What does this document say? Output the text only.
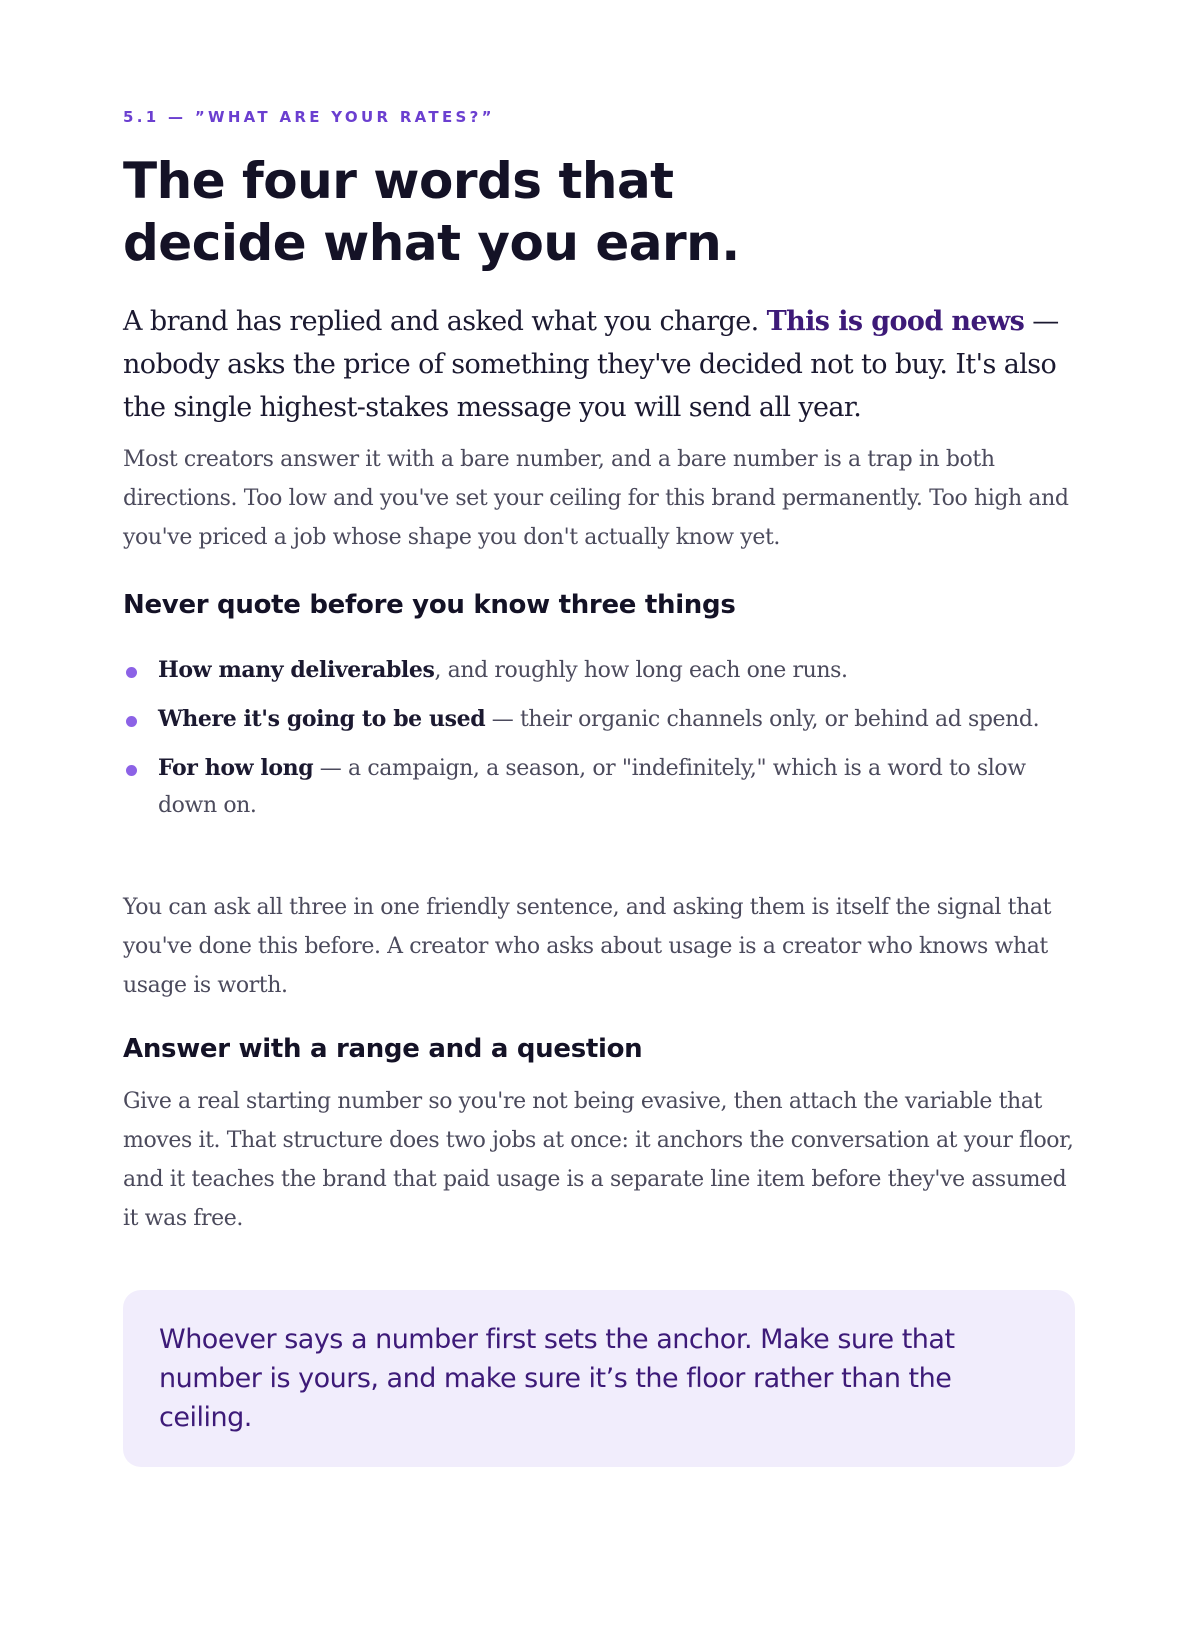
5.1 — ”WHAT ARE YOUR RATES?”

The four words that
decide what you earn.

A brand has replied and asked what you charge. This is good news — nobody asks the price of something they've decided not to buy. It's also the single highest-stakes message you will send all year.

Most creators answer it with a bare number, and a bare number is a trap in both directions. Too low and you've set your ceiling for this brand permanently. Too high and you've priced a job whose shape you don't actually know yet.

Never quote before you know three things
How many deliverables, and roughly how long each one runs.
Where it's going to be used — their organic channels only, or behind ad spend.
For how long — a campaign, a season, or "indefinitely," which is a word to slow down on.

You can ask all three in one friendly sentence, and asking them is itself the signal that you've done this before. A creator who asks about usage is a creator who knows what usage is worth.

Answer with a range and a question

Give a real starting number so you're not being evasive, then attach the variable that moves it. That structure does two jobs at once: it anchors the conversation at your floor, and it teaches the brand that paid usage is a separate line item before they've assumed it was free.

Whoever says a number first sets the anchor. Make sure that number is yours, and make sure it’s the floor rather than the ceiling.
